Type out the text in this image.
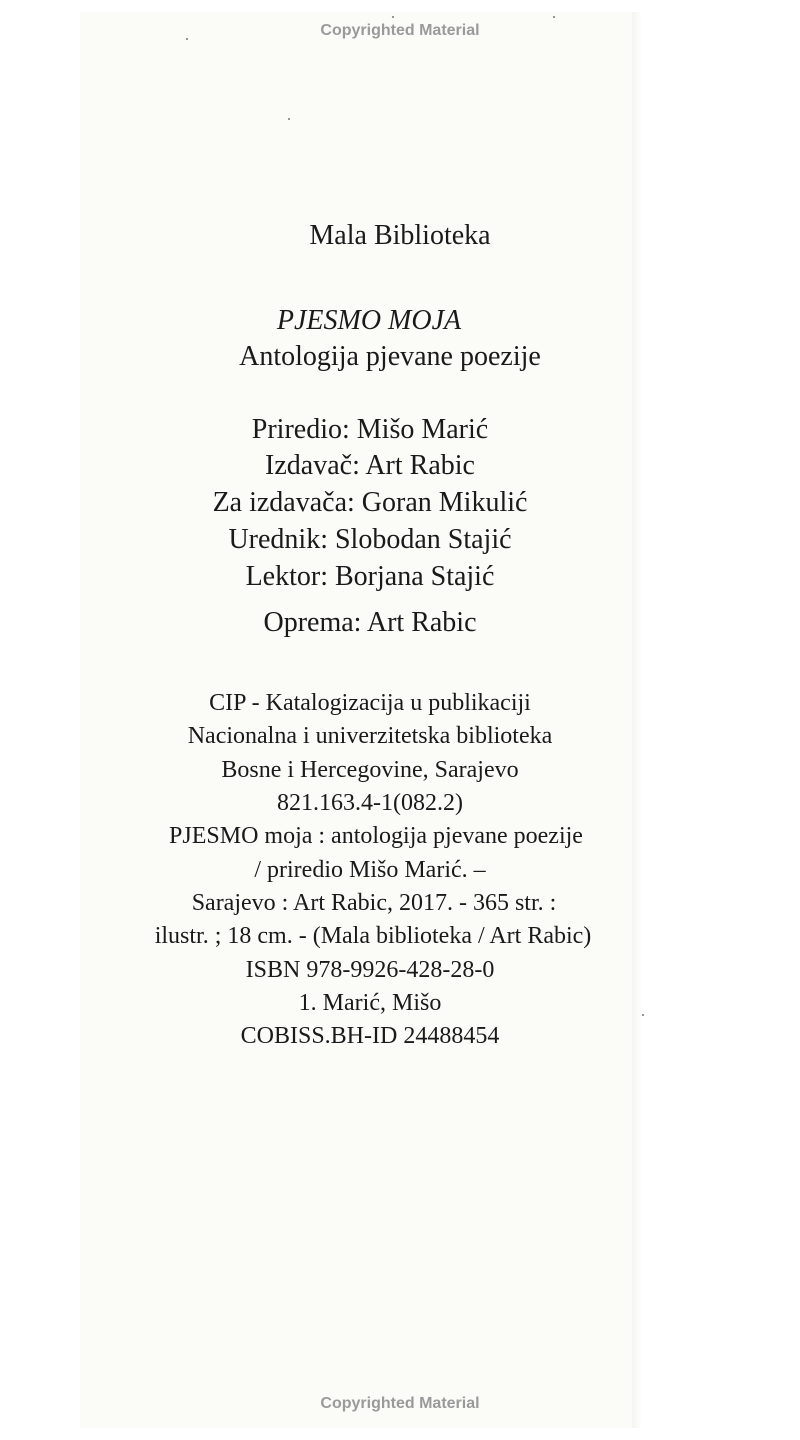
Copyrighted Material
Mala Biblioteka
PJESMO MOJA
Antologija pjevane poezije
Priredio: Mišo Marić
Izdavač: Art Rabic
Za izdavača: Goran Mikulić
Urednik: Slobodan Stajić
Lektor: Borjana Stajić
Oprema: Art Rabic
CIP - Katalogizacija u publikaciji
Nacionalna i univerzitetska biblioteka
Bosne i Hercegovine, Sarajevo
821.163.4-1(082.2)
PJESMO moja : antologija pjevane poezije
/ priredio Mišo Marić. –
Sarajevo : Art Rabic, 2017. - 365 str. :
ilustr. ; 18 cm. - (Mala biblioteka / Art Rabic)
ISBN 978-9926-428-28-0
1. Marić, Mišo
COBISS.BH-ID 24488454
Copyrighted Material
